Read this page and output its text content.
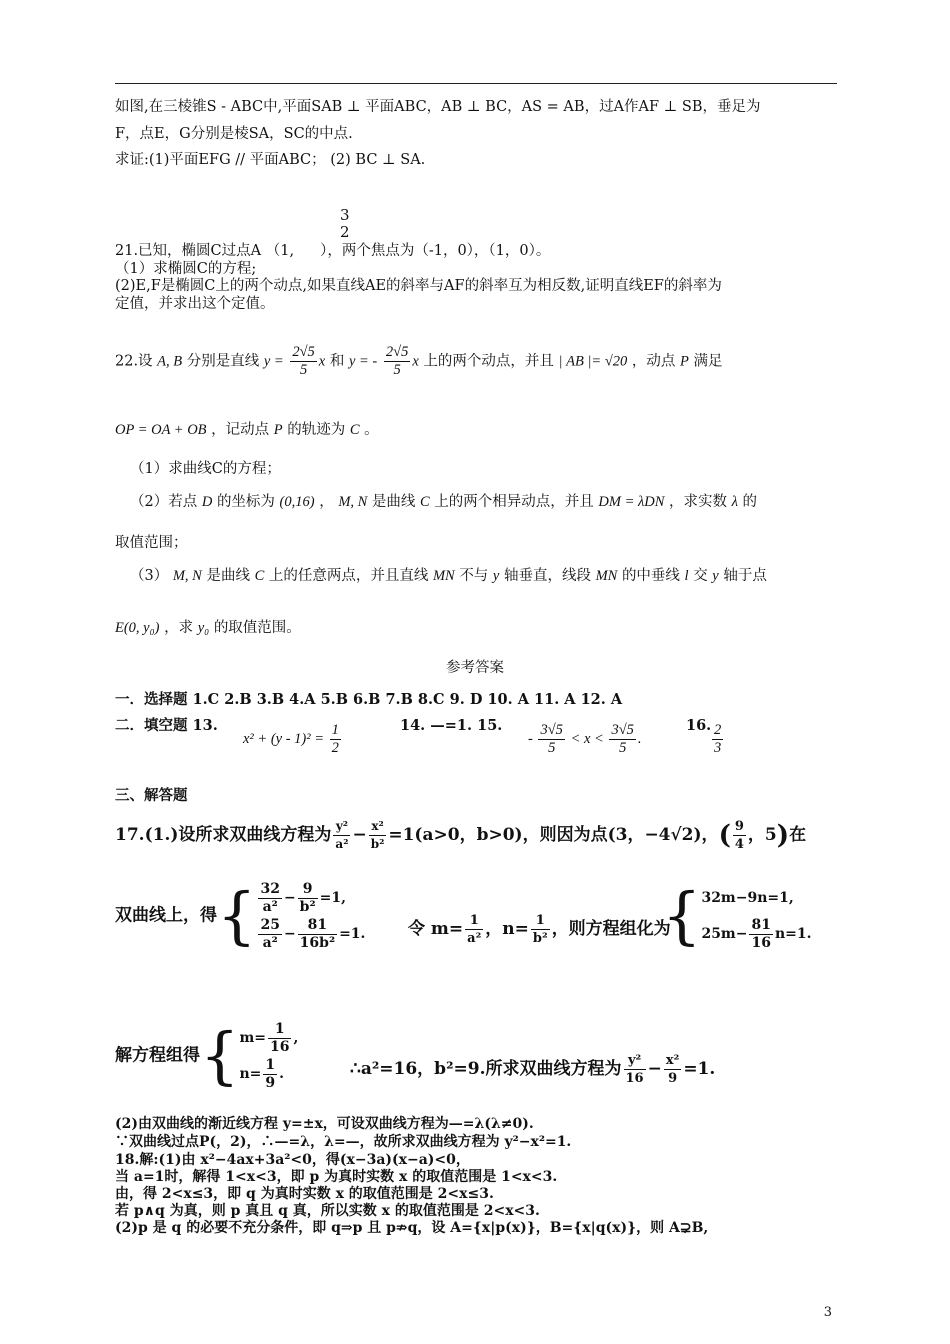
如图,在三棱锥S - ABC中,平面SAB ⊥ 平面ABC，AB ⊥ BC，AS = AB，过A作AF ⊥ SB，垂足为
F，点E，G分别是棱SA，SC的中点.
求证:(1)平面EFG // 平面ABC； (2) BC ⊥ SA.
3
2
21.已知，椭圆C过点A （1, ），两个焦点为（-1，0），（1，0）。
（1）求椭圆C的方程;
(2)E,F是椭圆C上的两个动点,如果直线AE的斜率与AF的斜率互为相反数,证明直线EF的斜率为
定值，并求出这个定值。
22.设 A, B 分别是直线 $y = \frac{2√5}{5}$ x 和 y = - $\frac{2√5}{5}$ x 上的两个动点，并且 | AB |= √20 ，动点 P 满足
OP = OA + OB ，记动点 P 的轨迹为 C 。
（1）求曲线C的方程；
（2）若点 D 的坐标为 (0,16) ， M, N 是曲线 C 上的两个相异动点，并且 DM = λDN ，求实数 λ 的
取值范围；
（3） M, N 是曲线 C 上的任意两点，并且直线 MN 不与 y 轴垂直，线段 MN 的中垂线 l 交 y 轴于点
E(0, y₀) ，求 y₀ 的取值范围。
参考答案
一．选择题 1.C 2.B 3.B 4.A 5.B 6.B 7.B 8.C 9. D 10. A 11. A 12. A
二．填空题 13.
$x^2 + (y - 1)^2 = \frac{1}{2}$	14. —=1. 15.
- $\frac{3√5}{5} < x < \frac{3√5}{5}$ .
16. $\frac{2}{3}$
三、解答题
17.(1.)设所求双曲线方程为 $\frac{\text{y²}}{\text{a²}} - \frac{\text{x²}}{\text{b²}} =1(a>0$，b>0)，则因为点(3，−4√2)，( $\frac{9}{4}$ ，5)在
双曲线上，得{ $\frac{32}{\text{a²}} - \frac{9}{\text{b²}} =1$,
$\frac{25}{\text{a²}} - \frac{81}{\text{16b²}} =1$.	令 $m= \frac{1}{\text{a²}}$ ，$n= \frac{1}{\text{b²}}$ ，则方程组化为
{ 32m−9n=1,
$25m- \frac{81}{16} n=1$.
解方程组得{ $m= \frac{1}{16}$ ,
$n= \frac{1}{9}$ .	∴a²=16，b²=9.所求双曲线方程为 $\frac{\text{y²}}{16} - \frac{\text{x²}}{9} =1$.
(2)由双曲线的渐近线方程 y=±x，可设双曲线方程为—=λ(λ≠0).
∵双曲线过点P(，2)，∴—=λ，λ=—，故所求双曲线方程为 y²−x²=1.
18.解:(1)由 x²−4ax+3a²<0，得(x−3a)(x−a)<0，
当 a=1时，解得 1<x<3，即 p 为真时实数 x 的取值范围是 1<x<3.
由，得 2<x≤3，即 q 为真时实数 x 的取值范围是 2<x≤3.
若 p∧q 为真，则 p 真且 q 真，所以实数 x 的取值范围是 2<x<3.
(2)p 是 q 的必要不充分条件，即 q⇒p 且 p⇏q，设 A={x|p(x)}，B={x|q(x)}，则 A⊋B,
3
